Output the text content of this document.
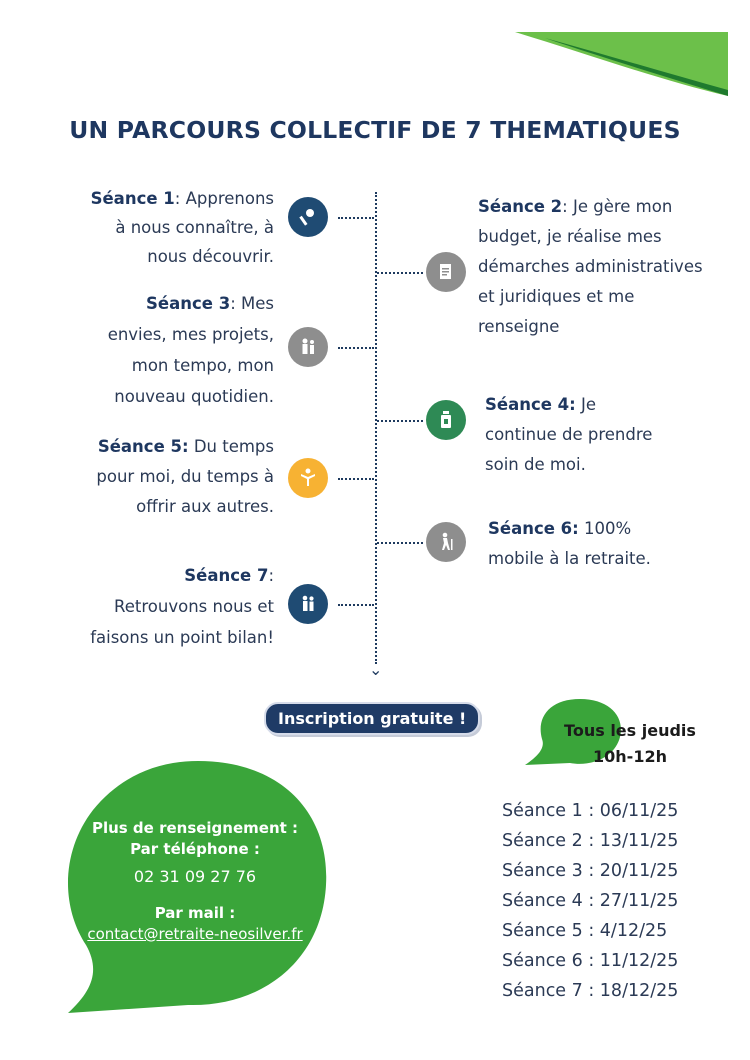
UN PARCOURS COLLECTIF DE 7 THEMATIQUES
⌄
Séance 1: Apprenons
à nous connaître, à
nous découvrir.
Séance 2: Je gère mon
budget, je réalise mes
démarches administratives
et juridiques et me
renseigne
Séance 3: Mes
envies, mes projets,
mon tempo, mon
nouveau quotidien.	Séance 4: Je
continue de prendre
soin de moi.
Séance 5: Du temps
pour moi, du temps à
offrir aux autres.
Séance 6: 100%
mobile à la retraite.
Séance 7:
Retrouvons nous et
faisons un point bilan!
Inscription gratuite !
Tous les jeudis
10h-12h
Séance 1 : 06/11/25
Séance 2 : 13/11/25
Séance 3 : 20/11/25
Séance 4 : 27/11/25
Séance 5 : 4/12/25
Séance 6 : 11/12/25
Séance 7 : 18/12/25
Plus de renseignement :
Par téléphone :
02 31 09 27 76
Par mail :
contact@retraite-neosilver.fr
